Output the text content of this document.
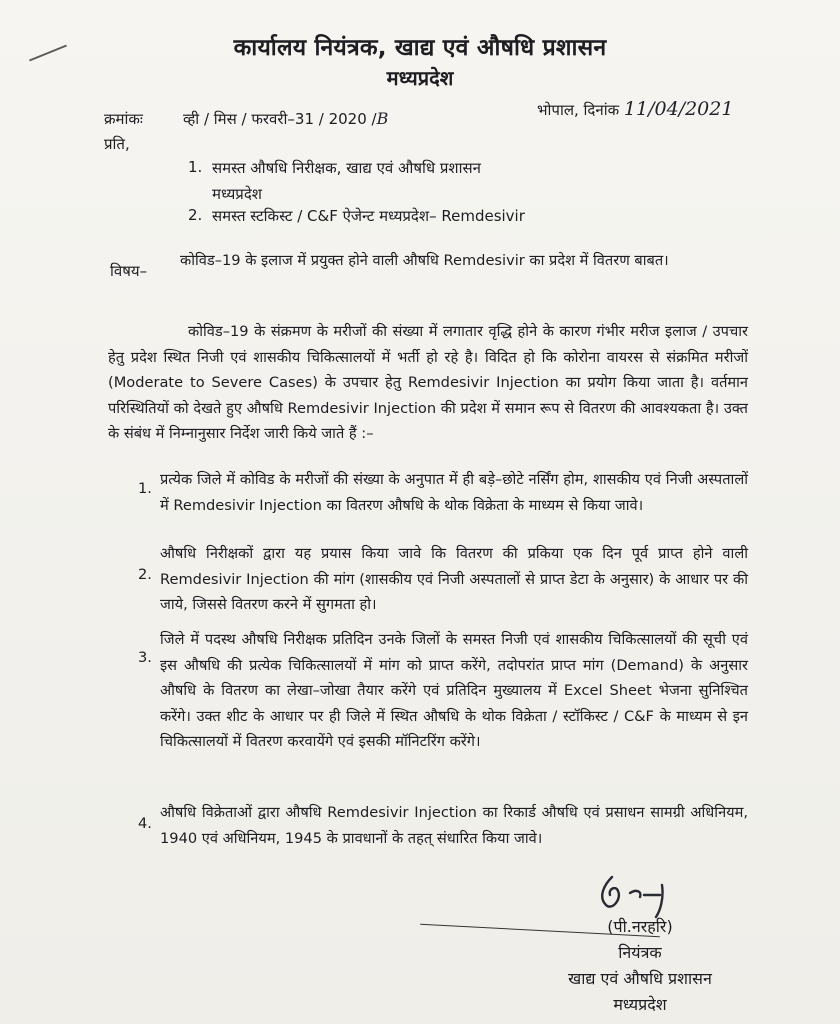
कार्यालय नियंत्रक, खाद्य एवं औषधि प्रशासन
मध्यप्रदेश
क्रमांकः	व्ही / मिस / फरवरी–31 / 2020 /B	भोपाल, दिनांक 11/04/2021
प्रति,
1. समस्त औषधि निरीक्षक, खाद्य एवं औषधि प्रशासन
मध्यप्रदेश
2. समस्त स्टकिस्ट / C&F ऐजेन्ट मध्यप्रदेश– Remdesivir
विषय–
कोविड–19 के इलाज में प्रयुक्त होने वाली औषधि Remdesivir का प्रदेश में वितरण बाबत।
कोविड–19 के संक्रमण के मरीजों की संख्या में लगातार वृद्धि होने के कारण गंभीर मरीज इलाज / उपचार हेतु प्रदेश स्थित निजी एवं शासकीय चिकित्सालयों में भर्ती हो रहे है। विदित हो कि कोरोना वायरस से संक्रमित मरीजों (Moderate to Severe Cases) के उपचार हेतु Remdesivir Injection का प्रयोग किया जाता है। वर्तमान परिस्थितियों को देखते हुए औषधि Remdesivir Injection की प्रदेश में समान रूप से वितरण की आवश्यकता है। उक्त के संबंध में निम्नानुसार निर्देश जारी किये जाते हैं :–
1.
प्रत्येक जिले में कोविड के मरीजों की संख्या के अनुपात में ही बड़े–छोटे नर्सिंग होम, शासकीय एवं निजी अस्पतालों में Remdesivir Injection का वितरण औषधि के थोक विक्रेता के माध्यम से किया जावे।
2.
औषधि निरीक्षकों द्वारा यह प्रयास किया जावे कि वितरण की प्रकिया एक दिन पूर्व प्राप्त होने वाली Remdesivir Injection की मांग (शासकीय एवं निजी अस्पतालों से प्राप्त डेटा के अनुसार) के आधार पर की जाये, जिससे वितरण करने में सुगमता हो।
3.
जिले में पदस्थ औषधि निरीक्षक प्रतिदिन उनके जिलों के समस्त निजी एवं शासकीय चिकित्सालयों की सूची एवं इस औषधि की प्रत्येक चिकित्सालयों में मांग को प्राप्त करेंगे, तदोपरांत प्राप्त मांग (Demand) के अनुसार औषधि के वितरण का लेखा–जोखा तैयार करेंगे एवं प्रतिदिन मुख्यालय में Excel Sheet भेजना सुनिश्चित करेंगे। उक्त शीट के आधार पर ही जिले में स्थित औषधि के थोक विक्रेता / स्टॉकिस्ट / C&F के माध्यम से इन चिकित्सालयों में वितरण करवायेंगे एवं इसकी मॉनिटरिंग करेंगे।
4.
औषधि विक्रेताओं द्वारा औषधि Remdesivir Injection का रिकार्ड औषधि एवं प्रसाधन सामग्री अधिनियम, 1940 एवं अधिनियम, 1945 के प्रावधानों के तहत् संधारित किया जावे।
(पी.नरहरि)
नियंत्रक
खाद्य एवं औषधि प्रशासन
मध्यप्रदेश
